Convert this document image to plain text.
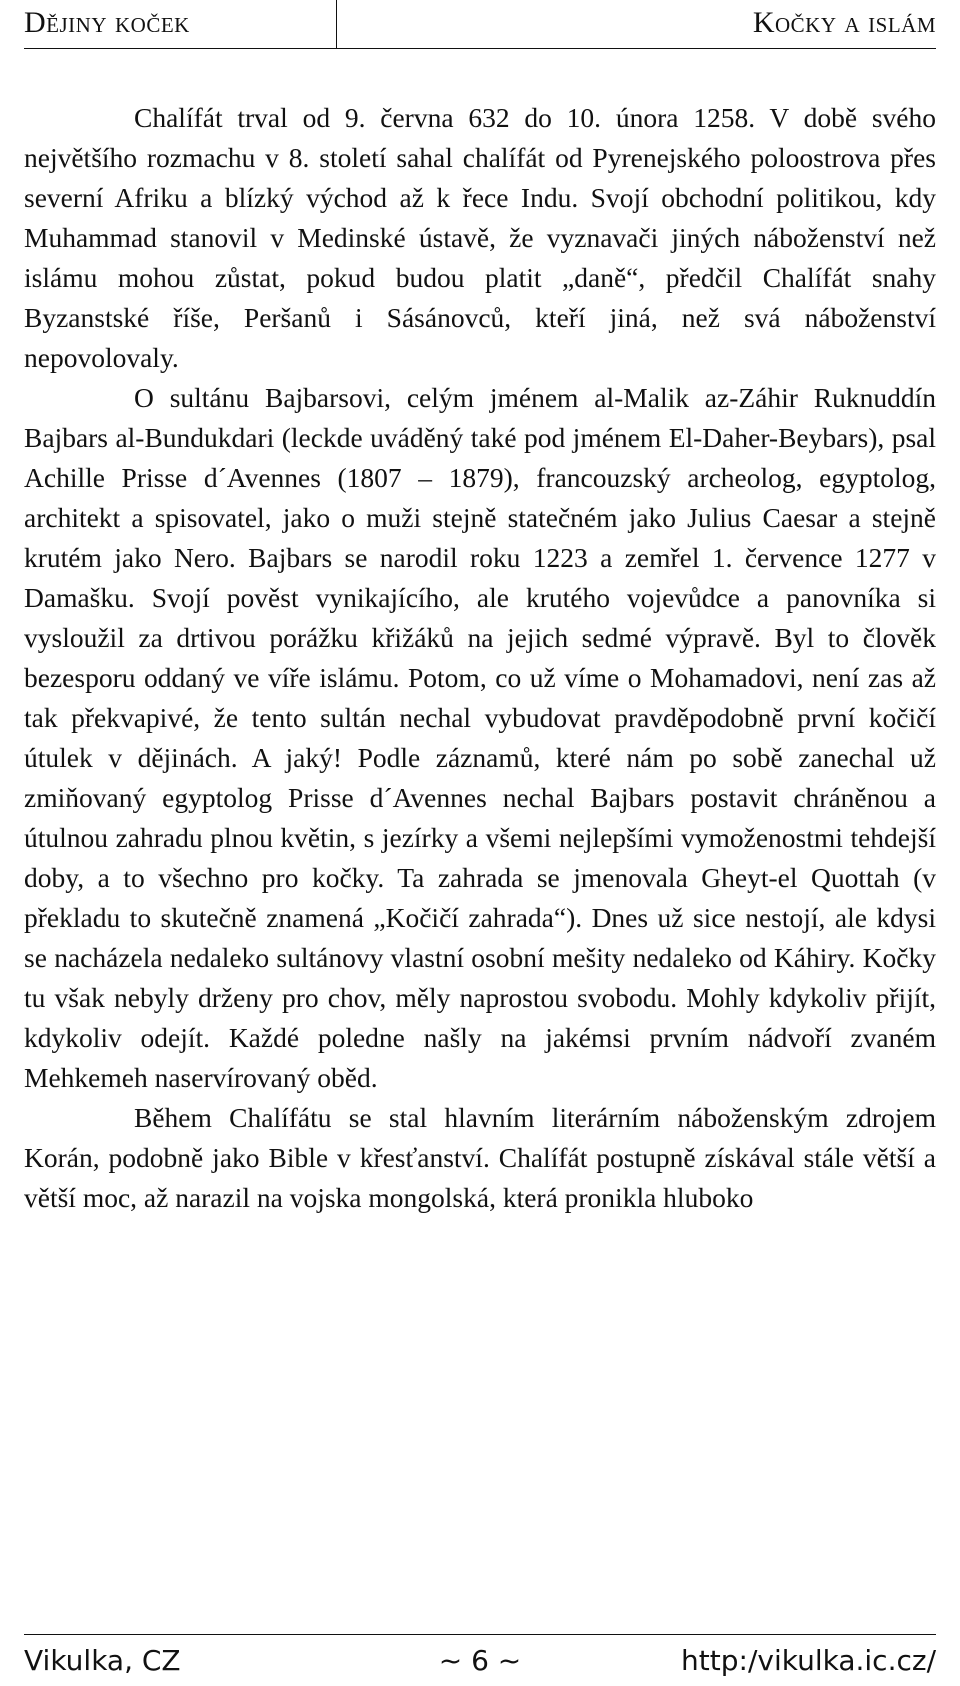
Dějiny koček	Kočky a islám

Chalífát trval od 9. června 632 do 10. února 1258. V době svého největšího rozmachu v 8. století sahal chalífát od Pyrenejského poloostrova přes severní Afriku a blízký východ až k řece Indu. Svojí obchodní politikou, kdy Muhammad stanovil v Medinské ústavě, že vyznavači jiných náboženství než islámu mohou zůstat, pokud budou platit „daně“, předčil Chalífát snahy Byzanstské říše, Peršanů i Sásánovců, kteří jiná, než svá náboženství nepovolovaly.

O sultánu Bajbarsovi, celým jménem al-Malik az-Záhir Ruknuddín Bajbars al-Bundukdari (leckde uváděný také pod jménem El-Daher-Beybars), psal Achille Prisse d´Avennes (1807 – 1879), francouzský archeolog, egyptolog, architekt a spisovatel, jako o muži stejně statečném jako Julius Caesar a stejně krutém jako Nero. Bajbars se narodil roku 1223 a zemřel 1. července 1277 v Damašku. Svojí pověst vynikajícího, ale krutého vojevůdce a panovníka si vysloužil za drtivou porážku křižáků na jejich sedmé výpravě. Byl to člověk bezesporu oddaný ve víře islámu. Potom, co už víme o Mohamadovi, není zas až tak překvapivé, že tento sultán nechal vybudovat pravděpodobně první kočičí útulek v dějinách. A jaký! Podle záznamů, které nám po sobě zanechal už zmiňovaný egyptolog Prisse d´Avennes nechal Bajbars postavit chráněnou a útulnou zahradu plnou květin, s jezírky a všemi nejlepšími vymoženostmi tehdejší doby, a to všechno pro kočky. Ta zahrada se jmenovala Gheyt-el Quottah (v překladu to skutečně znamená „Kočičí zahrada“). Dnes už sice nestojí, ale kdysi se nacházela nedaleko sultánovy vlastní osobní mešity nedaleko od Káhiry. Kočky tu však nebyly drženy pro chov, měly naprostou svobodu. Mohly kdykoliv přijít, kdykoliv odejít. Každé poledne našly na jakémsi prvním nádvoří zvaném Mehkemeh naservírovaný oběd.

Během Chalífátu se stal hlavním literárním náboženským zdrojem Korán, podobně jako Bible v křesťanství. Chalífát postupně získával stále větší a větší moc, až narazil na vojska mongolská, která pronikla hluboko

Vikulka, CZ	~ 6 ~	http:/vikulka.ic.cz/
